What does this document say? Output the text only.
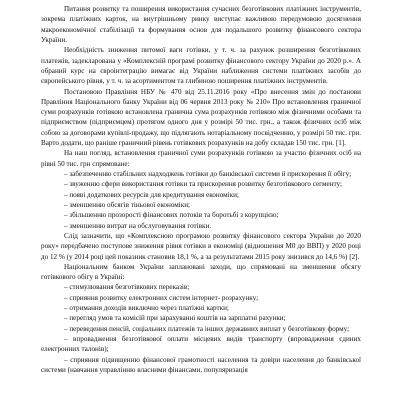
Питання розвитку та поширення використання сучасних безготівкових платіжних інструментів, зокрема платіжних карток, на внутрішньому ринку виступає важливою передумовою досягнення макроекономічної стабілізації та формування основ для подальшого розвитку фінансового сектора України.

Необхідність зниження питомої ваги готівки, у т. ч. за рахунок розширення безготівкових платежів, задекларована у «Комплексній програмі розвитку фінансового сектору України до 2020 р.». А обраний курс на євроінтеграцію вимагає від України наближення системи платіжних засобів до європейського рівня, у т. ч. за асортиментом та глибиною поширення платіжних інструментів.

Постановою Правління НБУ № 470 від 25.11.2016 року «Про внесення змін до постанови Правління Національного банку України від 06 червня 2013 року № 210» Про встановлення граничної суми розрахунків готівкою встановлена гранична сума розрахунків готівкою між фізичними особами та підприємством (підприємцем) протягом одного дня у розмірі 50 тис. грн., а також фізичних осіб між собою за договорами купівлі-продажу, що підлягають нотаріальному посвідченню, у розмірі 50 тис. грн. Варто додати, що раніше граничний рівень готівкових розрахунків на добу складав 150 тис. грн. [1].

На наш погляд, встановлення граничної суми розрахунків готівкою за участю фізичних осіб на рівні 50 тис. грн спрямоване:

– забезпеченню стабільних надходжень готівки до банківської системи й прискорення її обігу;

– звуженню сфери використання готівки та прискорення розвитку безготівкового сегменту;

– появі додаткових ресурсів для кредитування економіки;

– зменшенню обсягів тіньової економіки;

– збільшенню прозорості фінансових потоків та боротьбі з корупцією;

– зменшенню витрат на обслуговування готівки.

Слід зазначити, що «Комплексною програмою розвитку фінансового сектора України до 2020 року» передбачено поступове зниження рівня готівки в економіці (відношення M0 до ВВП) у 2020 році до 12 % (у 2014 році цей показник становив 18,1 %, а за результатами 2015 року знизився до 14,6 %) [2].

Національним банком України заплановані заходи, що спрямовані на зменшення обсягу готівкового обігу в Україні:

– стимулювання безготівкових переказів;

– сприяння розвитку електронних систем інтернет- розрахунку;

– отримання доходів виключно через платіжні картки;

– перегляд умов та комісій при зарахуванні коштів на зарплатні рахунки;

– переведення пенсій, соціальних платежів та інших державних виплат у безготівкову форму;

– впровадження безготівкової оплати місцевих видів транспорту (впровадження єдиних електронних талонів);

– сприяння підвищенню фінансової грамотності населення та довіри населення до банківської системи (навчання управлінню власними фінансами, популяризація
